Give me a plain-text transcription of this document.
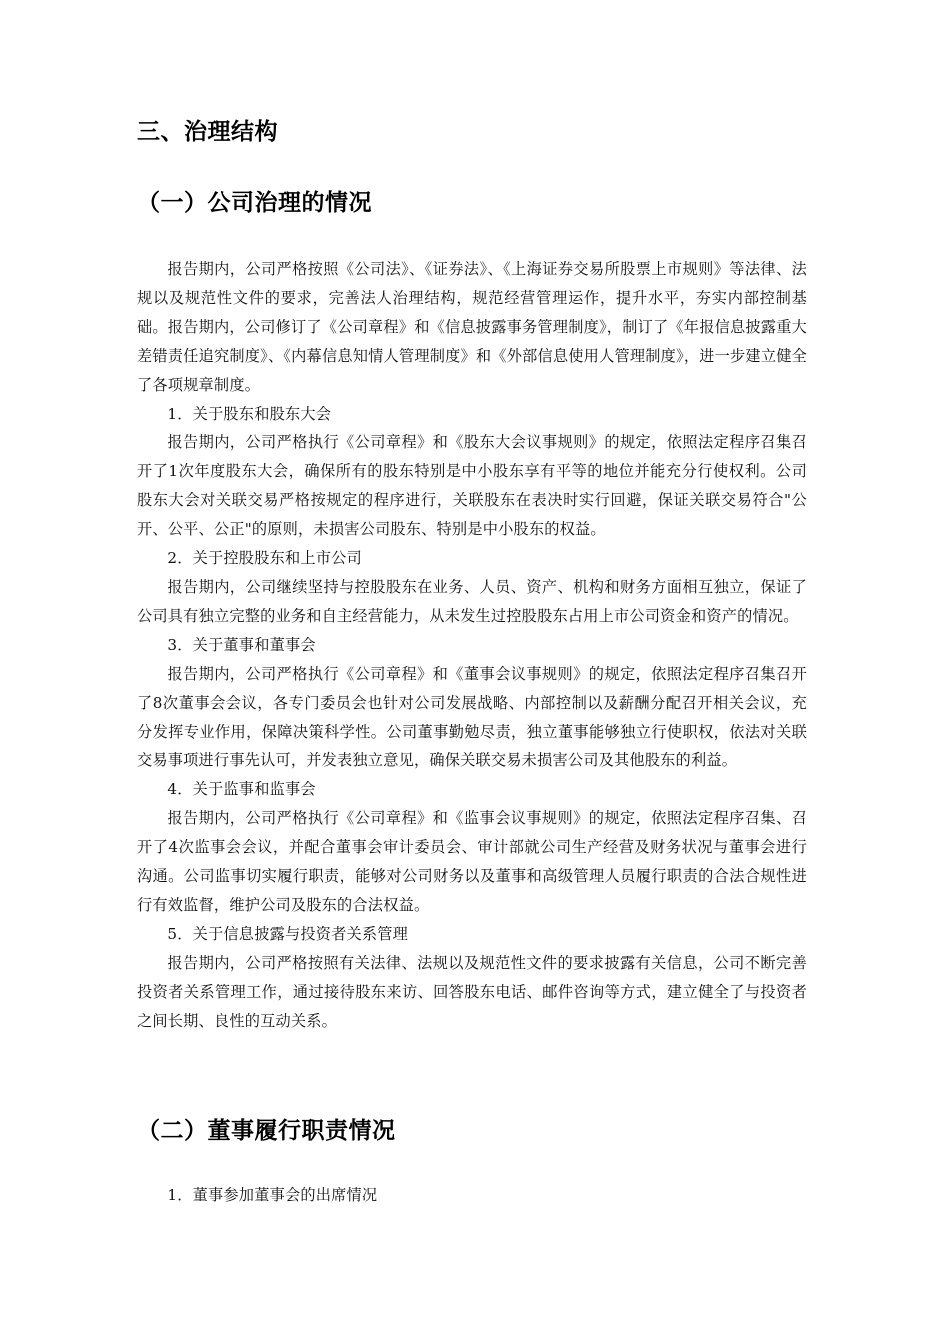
三、治理结构
（一）公司治理的情况

报告期内，公司严格按照《公司法》、《证券法》、《上海证券交易所股票上市规则》等法律、法规以及规范性文件的要求，完善法人治理结构，规范经营管理运作，提升水平，夯实内部控制基础。报告期内，公司修订了《公司章程》和《信息披露事务管理制度》，制订了《年报信息披露重大差错责任追究制度》、《内幕信息知情人管理制度》和《外部信息使用人管理制度》，进一步建立健全了各项规章制度。

1．关于股东和股东大会

报告期内，公司严格执行《公司章程》和《股东大会议事规则》的规定，依照法定程序召集召开了1次年度股东大会，确保所有的股东特别是中小股东享有平等的地位并能充分行使权利。公司股东大会对关联交易严格按规定的程序进行，关联股东在表决时实行回避，保证关联交易符合"公开、公平、公正"的原则，未损害公司股东、特别是中小股东的权益。

2．关于控股股东和上市公司

报告期内，公司继续坚持与控股股东在业务、人员、资产、机构和财务方面相互独立，保证了公司具有独立完整的业务和自主经营能力，从未发生过控股股东占用上市公司资金和资产的情况。

3．关于董事和董事会

报告期内，公司严格执行《公司章程》和《董事会议事规则》的规定，依照法定程序召集召开了8次董事会会议，各专门委员会也针对公司发展战略、内部控制以及薪酬分配召开相关会议，充分发挥专业作用，保障决策科学性。公司董事勤勉尽责，独立董事能够独立行使职权，依法对关联交易事项进行事先认可，并发表独立意见，确保关联交易未损害公司及其他股东的利益。

4．关于监事和监事会

报告期内，公司严格执行《公司章程》和《监事会议事规则》的规定，依照法定程序召集、召开了4次监事会会议，并配合董事会审计委员会、审计部就公司生产经营及财务状况与董事会进行沟通。公司监事切实履行职责，能够对公司财务以及董事和高级管理人员履行职责的合法合规性进行有效监督，维护公司及股东的合法权益。

5．关于信息披露与投资者关系管理

报告期内，公司严格按照有关法律、法规以及规范性文件的要求披露有关信息，公司不断完善投资者关系管理工作，通过接待股东来访、回答股东电话、邮件咨询等方式，建立健全了与投资者之间长期、良性的互动关系。

（二）董事履行职责情况
1．董事参加董事会的出席情况
